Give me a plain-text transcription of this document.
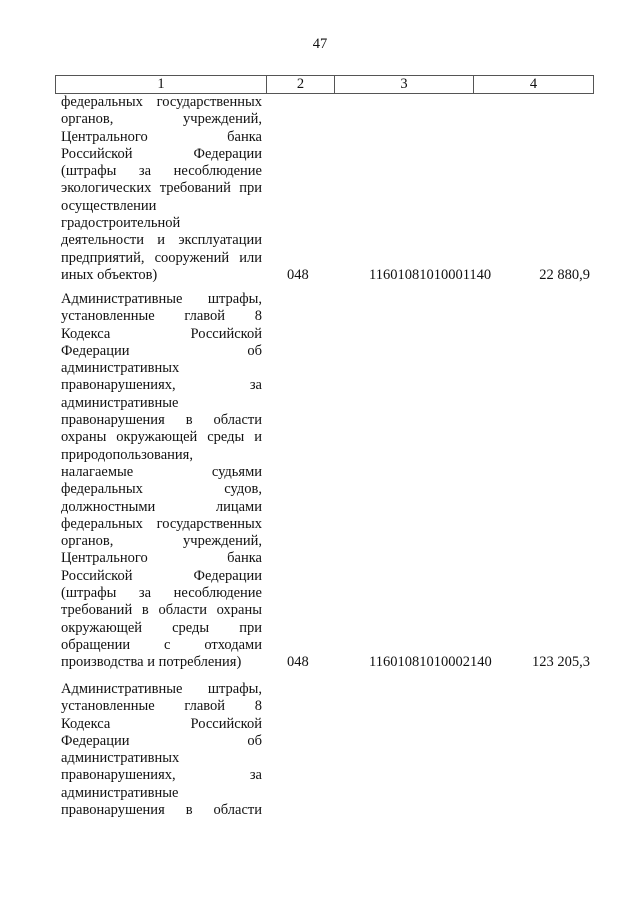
47
1	2	3	4
федеральных государственных
органов, учреждений,
Центрального банка
Российской Федерации
(штрафы за несоблюдение
экологических требований при
осуществлении
градостроительной
деятельности и эксплуатации
предприятий, сооружений или
иных объектов)	048	11601081010001140	22 880,9
Административные штрафы,
установленные главой 8
Кодекса Российской
Федерации об
административных
правонарушениях, за
административные
правонарушения в области
охраны окружающей среды и
природопользования,
налагаемые судьями
федеральных судов,
должностными лицами
федеральных государственных
органов, учреждений,
Центрального банка
Российской Федерации
(штрафы за несоблюдение
требований в области охраны
окружающей среды при
обращении с отходами
производства и потребления)	048	11601081010002140	123 205,3
Административные штрафы,
установленные главой 8
Кодекса Российской
Федерации об
административных
правонарушениях, за
административные
правонарушения в области
